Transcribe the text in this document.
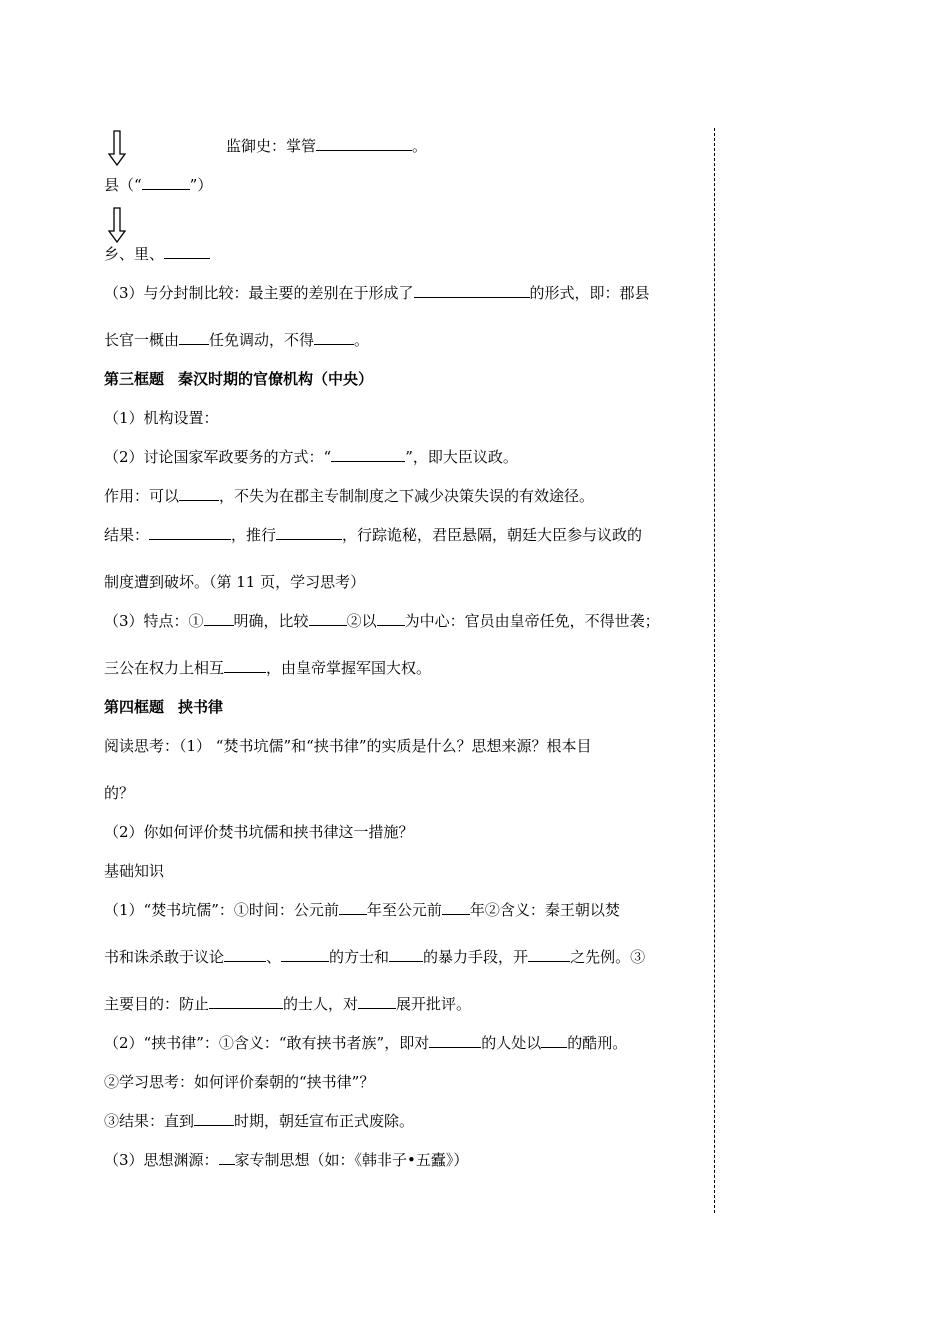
监御史：掌管	。
县（“	”）
乡、里、
（3）与分封制比较：最主要的差别在于形成了	的形式，即：郡县
长官一概由 任免调动，不得	。
第三框题 秦汉时期的官僚机构（中央）
（1）机构设置：
（2）讨论国家军政要务的方式：“	”，即大臣议政。
作用：可以	，不失为在郡主专制制度之下减少决策失误的有效途径。
结果：	，推行	，行踪诡秘，君臣悬隔，朝廷大臣参与议政的
制度遭到破坏。（第 11 页，学习思考）
（3）特点：① 明确，比较	②以 为中心：官员由皇帝任免，不得世袭；
三公在权力上相互	，由皇帝掌握军国大权。
第四框题 挟书律
阅读思考：（1） “焚书坑儒”和“挟书律”的实质是什么？思想来源？根本目
的？
（2）你如何评价焚书坑儒和挟书律这一措施？
基础知识
（1）“焚书坑儒”：①时间：公元前 年至公元前 年②含义：秦王朝以焚
书和诛杀敢于议论	、	的方士和 的暴力手段，开	之先例。③
主要目的：防止	的士人，对	展开批评。
（2）“挟书律”：①含义：“敢有挟书者族”，即对	的人处以 的酷刑。
②学习思考：如何评价秦朝的“挟书律”？
③结果：直到	时期，朝廷宣布正式废除。
（3）思想渊源： 家专制思想（如：《韩非子•五蠹》）
